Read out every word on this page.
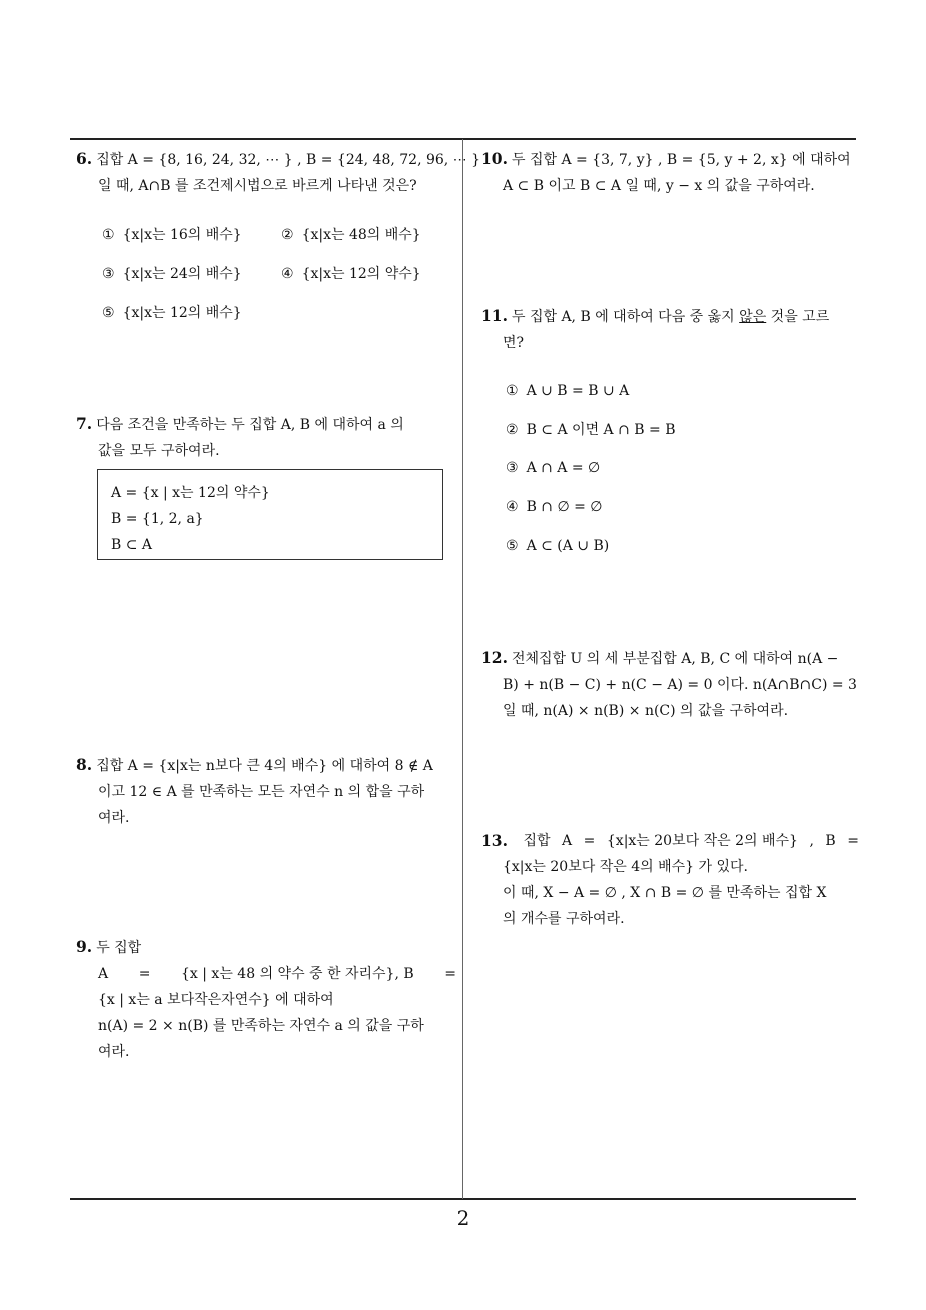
6. 집합 A = {8, 16, 24, 32, ⋯ } , B = {24, 48, 72, 96, ⋯ }
일 때, A∩B 를 조건제시법으로 바르게 나타낸 것은?
① {x|x는 16의 배수}	② {x|x는 48의 배수}
③ {x|x는 24의 배수}	④ {x|x는 12의 약수}
⑤ {x|x는 12의 배수}
7. 다음 조건을 만족하는 두 집합 A, B 에 대하여 a 의
값을 모두 구하여라.
A = {x | x는 12의 약수}
B = {1, 2, a}
B ⊂ A
8. 집합 A = {x|x는 n보다 큰 4의 배수} 에 대하여 8 ∉ A
이고 12 ∈ A 를 만족하는 모든 자연수 n 의 합을 구하
여라.
9. 두 집합
A = {x | x는 48 의 약수 중 한 자리수}, B =
{x | x는 a 보다작은자연수} 에 대하여
n(A) = 2 × n(B) 를 만족하는 자연수 a 의 값을 구하
여라.
10. 두 집합 A = {3, 7, y} , B = {5, y + 2, x} 에 대하여
A ⊂ B 이고 B ⊂ A 일 때, y − x 의 값을 구하여라.
11. 두 집합 A, B 에 대하여 다음 중 옳지 않은 것을 고르
면?
① A ∪ B = B ∪ A
② B ⊂ A 이면 A ∩ B = B
③ A ∩ A = ∅
④ B ∩ ∅ = ∅
⑤ A ⊂ (A ∪ B)
12. 전체집합 U 의 세 부분집합 A, B, C 에 대하여 n(A −
B) + n(B − C) + n(C − A) = 0 이다. n(A∩B∩C) = 3
일 때, n(A) × n(B) × n(C) 의 값을 구하여라.
13. 집합 A = {x|x는 20보다 작은 2의 배수} , B =
{x|x는 20보다 작은 4의 배수} 가 있다.
이 때, X − A = ∅ , X ∩ B = ∅ 를 만족하는 집합 X
의 개수를 구하여라.
2
